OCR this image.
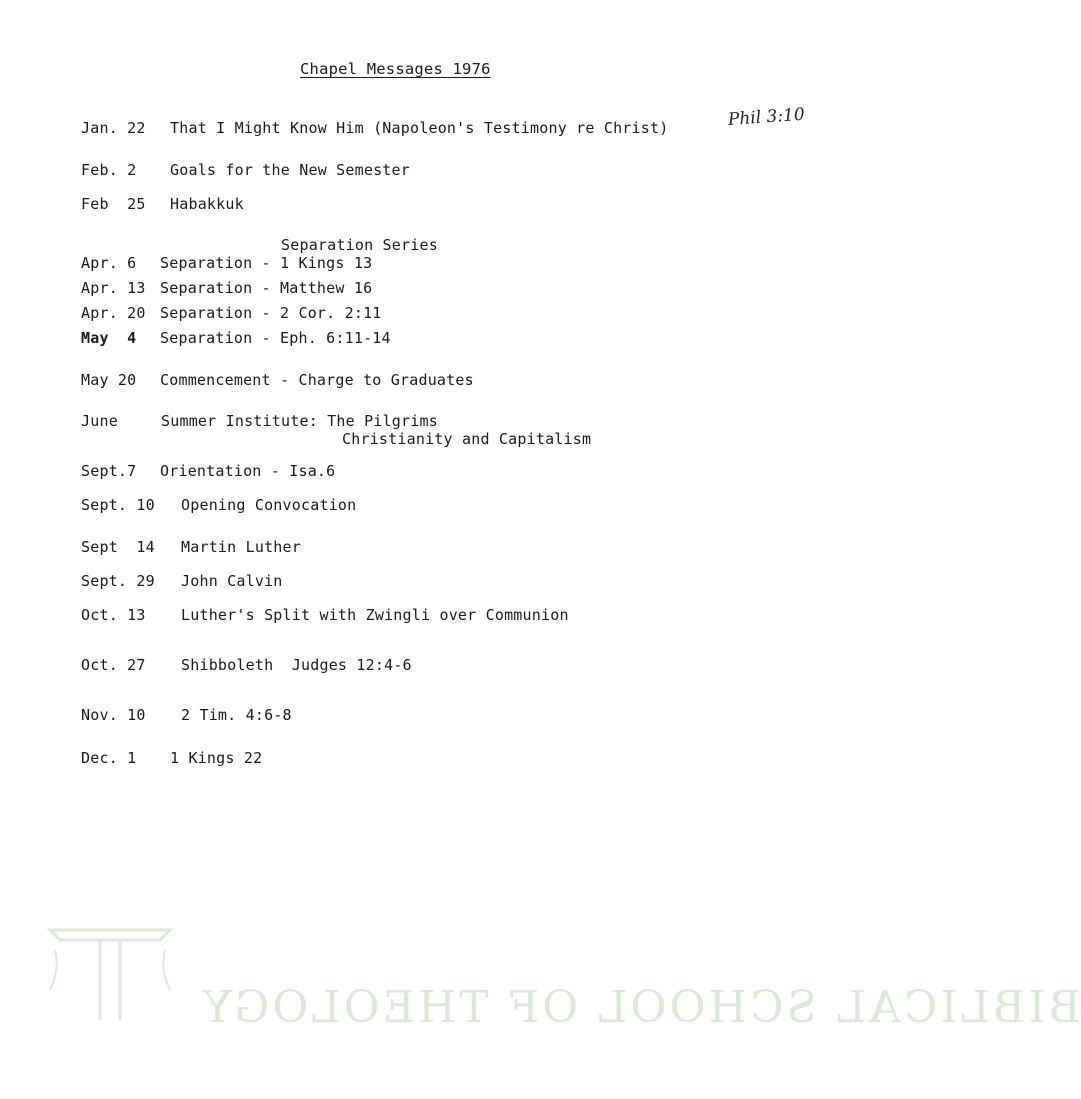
Chapel Messages 1976
Phil 3:10
Jan. 22 That I Might Know Him (Napoleon's Testimony re Christ)
Feb. 2 Goals for the New Semester
Feb  25 Habakkuk
Separation Series
Apr. 6 Separation - 1 Kings 13
Apr. 13 Separation - Matthew 16
Apr. 20 Separation - 2 Cor. 2:11
May  4 Separation - Eph. 6:11-14
May 20 Commencement - Charge to Graduates
June	Summer Institute: The Pilgrims
Christianity and Capitalism
Sept.7 Orientation - Isa.6
Sept. 10 Opening Convocation
Sept  14 Martin Luther
Sept. 29 John Calvin
Oct. 13 Luther's Split with Zwingli over Communion
Oct. 27 Shibboleth  Judges 12:4-6
Nov. 10 2 Tim. 4:6-8
Dec. 1 1 Kings 22
BIBLICAL SCHOOL OF THEOLOGY
